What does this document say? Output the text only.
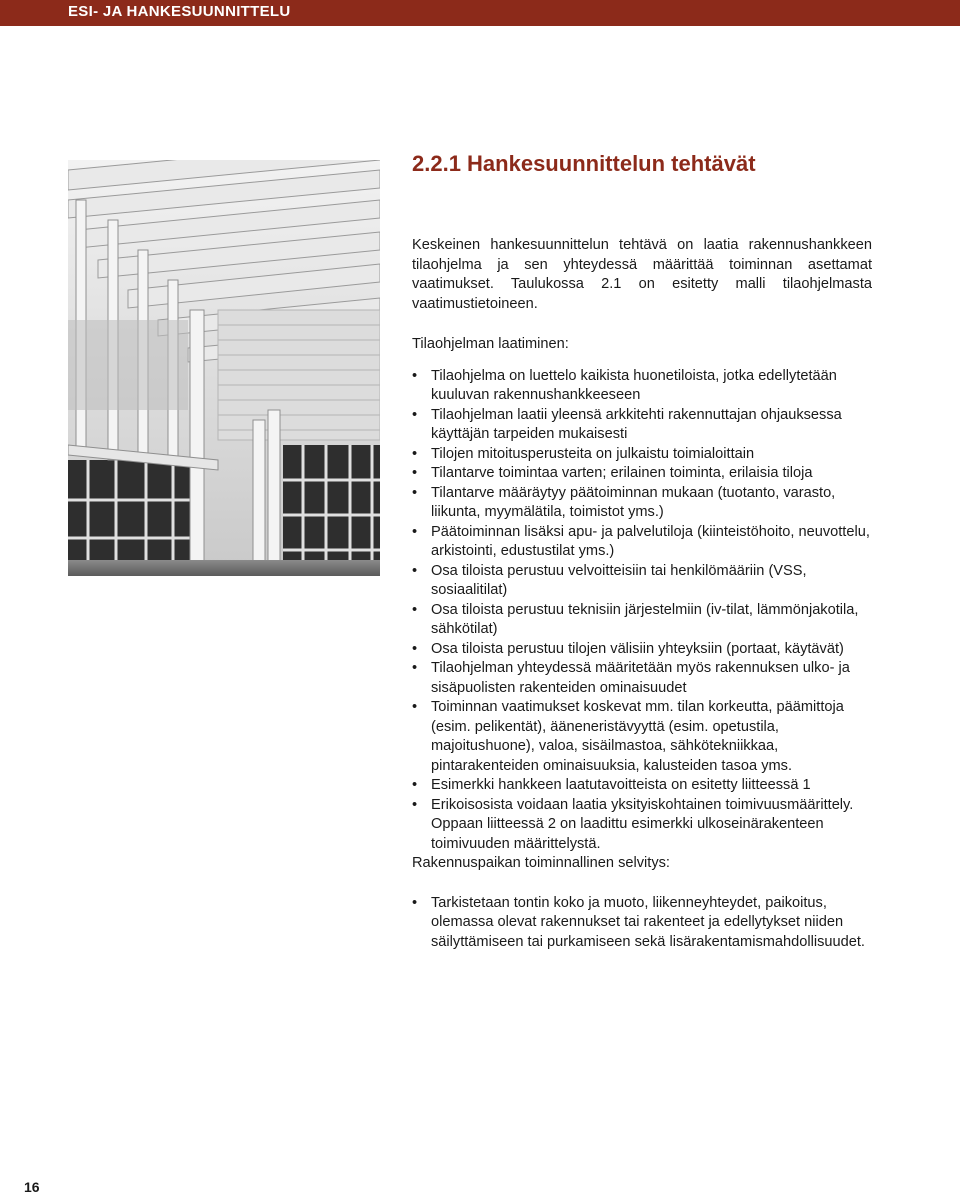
ESI- JA HANKESUUNNITTELU
2.2.1 Hankesuunnittelun tehtävät

Keskeinen hankesuunnittelun tehtävä on laatia rakennushankkeen tilaohjelma ja sen yhteydessä määrittää toiminnan asettamat vaatimukset. Taulukossa 2.1 on esitetty malli tilaohjelmasta vaatimustietoineen.

Tilaohjelman laatiminen:

• Tilaohjelma on luettelo kaikista huonetiloista, jotka edellytetään kuuluvan rakennushankkeeseen
• Tilaohjelman laatii yleensä arkkitehti rakennuttajan ohjauksessa käyttäjän tarpeiden mukaisesti
• Tilojen mitoitusperusteita on julkaistu toimialoittain
• Tilantarve toimintaa varten; erilainen toiminta, erilaisia tiloja
• Tilantarve määräytyy päätoiminnan mukaan (tuotanto, varasto, liikunta, myymälätila, toimistot yms.)
• Päätoiminnan lisäksi apu- ja palvelutiloja (kiinteistöhoito, neuvottelu, arkistointi, edustustilat yms.)
• Osa tiloista perustuu velvoitteisiin tai henkilömääriin (VSS, sosiaalitilat)
• Osa tiloista perustuu teknisiin järjestelmiin (iv-tilat, lämmönjakotila, sähkötilat)
• Osa tiloista perustuu tilojen välisiin yhteyksiin (portaat, käytävät)
• Tilaohjelman yhteydessä määritetään myös rakennuksen ulko- ja sisäpuolisten rakenteiden ominaisuudet
• Toiminnan vaatimukset koskevat mm. tilan korkeutta, päämittoja (esim. pelikentät), ääneneristävyyttä (esim. opetustila, majoitushuone), valoa, sisäilmastoa, sähkötekniikkaa, pintarakenteiden ominaisuuksia, kalusteiden tasoa yms.
• Esimerkki hankkeen laatutavoitteista on esitetty liitteessä 1
• Erikoisosista voidaan laatia yksityiskohtainen toimivuusmäärittely. Oppaan liitteessä 2 on laadittu esimerkki ulkoseinärakenteen toimivuuden määrittelystä.

Rakennuspaikan toiminnallinen selvitys:

• Tarkistetaan tontin koko ja muoto, liikenneyhteydet, paikoitus, olemassa olevat rakennukset tai rakenteet ja edellytykset niiden säilyttämiseen tai purkamiseen sekä lisärakentamismahdollisuudet.
16
